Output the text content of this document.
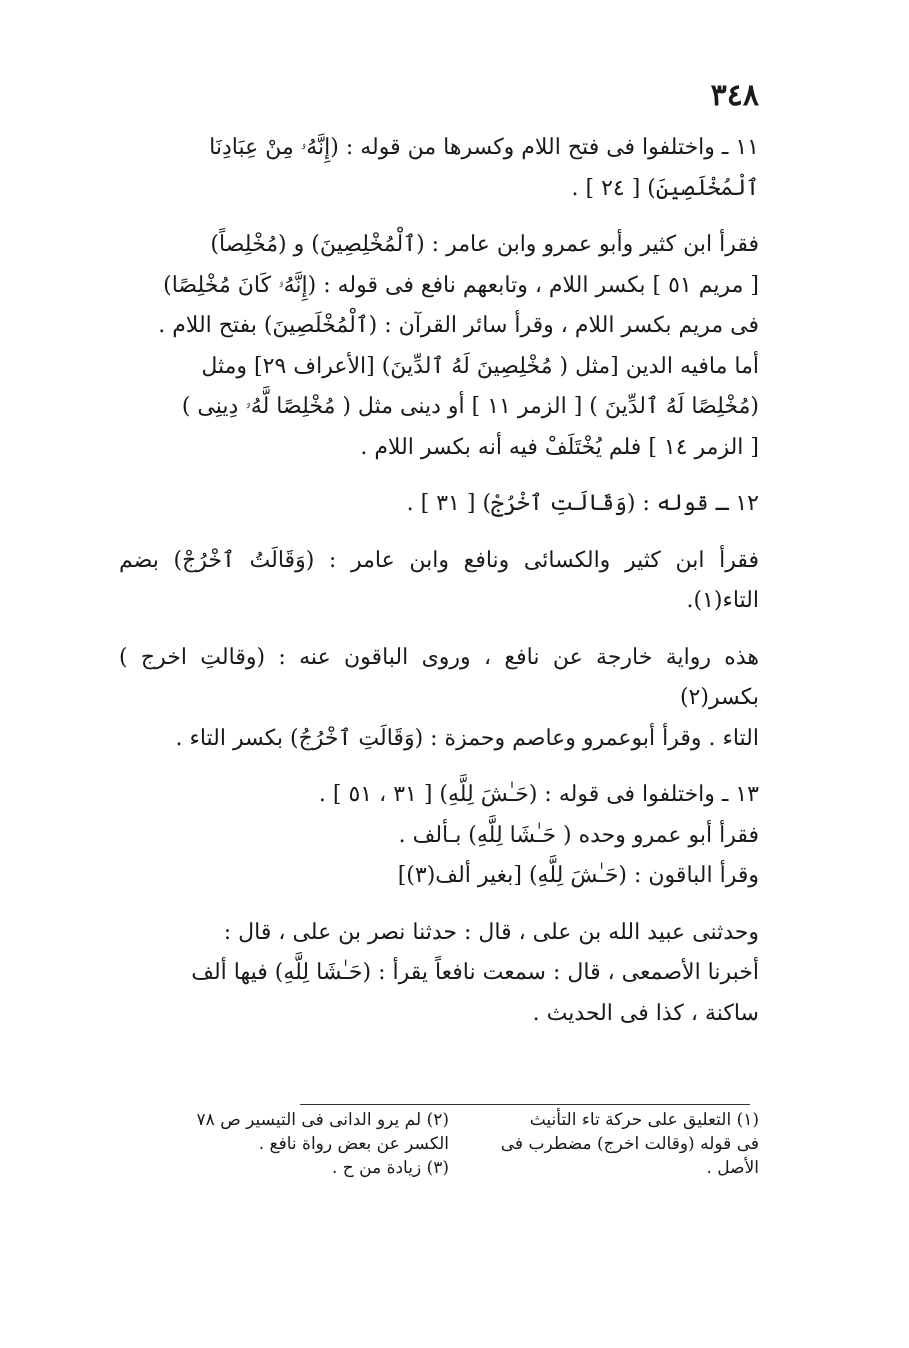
٣٤٨
١١ ـ واختلفوا فى فتح اللام وكسرها من قوله : (إِنَّهُۥ مِنْ عِبَادِنَا
ٱلْمُخْلَصِينَ) [ ٢٤ ] .
فقرأ ابن كثير وأبو عمرو وابن عامر : (ٱلْمُخْلِصِينَ) و (مُخْلِصاً)
[ مريم ٥١ ] بكسر اللام ، وتابعهم نافع فى قوله : (إِنَّهُۥ كَانَ مُخْلِصًا)
فى مريم بكسر اللام ، وقرأ سائر القرآن : (ٱلْمُخْلَصِينَ) بفتح اللام .
أما مافيه الدين [مثل ( مُخْلِصِينَ لَهُ ٱلدِّينَ) [الأعراف ٢٩] ومثل
(مُخْلِصًا لَهُ ٱلدِّينَ ) [ الزمر ١١ ] أو دينى مثل ( مُخْلِصًا لَّهُۥ دِينِى )
[ الزمر ١٤ ] فلم يُخْتَلَفْ فيه أنه بكسر اللام .
١٢ ـ قوله : (وَقَالَتِ ٱخْرُجْ) [ ٣١ ] .
فقرأ ابن كثير والكسائى ونافع وابن عامر : (وَقَالَتُ ٱخْرُجْ) بضم التاء(١).
هذه رواية خارجة عن نافع ، وروى الباقون عنه : (وقالتِ اخرج ) بكسر(٢)
التاء . وقرأ أبوعمرو وعاصم وحمزة : (وَقَالَتِ ٱخْرُجُ) بكسر التاء .
١٣ ـ واختلفوا فى قوله : (حَـٰشَ لِلَّهِ) [ ٣١ ، ٥١ ] .
فقرأ أبو عمرو وحده ( حَـٰشَا لِلَّهِ) بـألف .
وقرأ الباقون : (حَـٰشَ لِلَّهِ) [بغير ألف(٣)]
وحدثنى عبيد الله بن على ، قال : حدثنا نصر بن على ، قال :
أخبرنا الأصمعى ، قال : سمعت نافعاً يقرأ : (حَـٰشَا لِلَّهِ) فيها ألف
ساكنة ، كذا فى الحديث .
(١) التعليق على حركة تاء التأنيث
فى قوله (وقالت اخرج) مضطرب فى
الأصل .
(٢) لم يرو الدانى فى التيسير ص ٧٨
الكسر عن بعض رواة نافع .
(٣) زيادة من ح .
